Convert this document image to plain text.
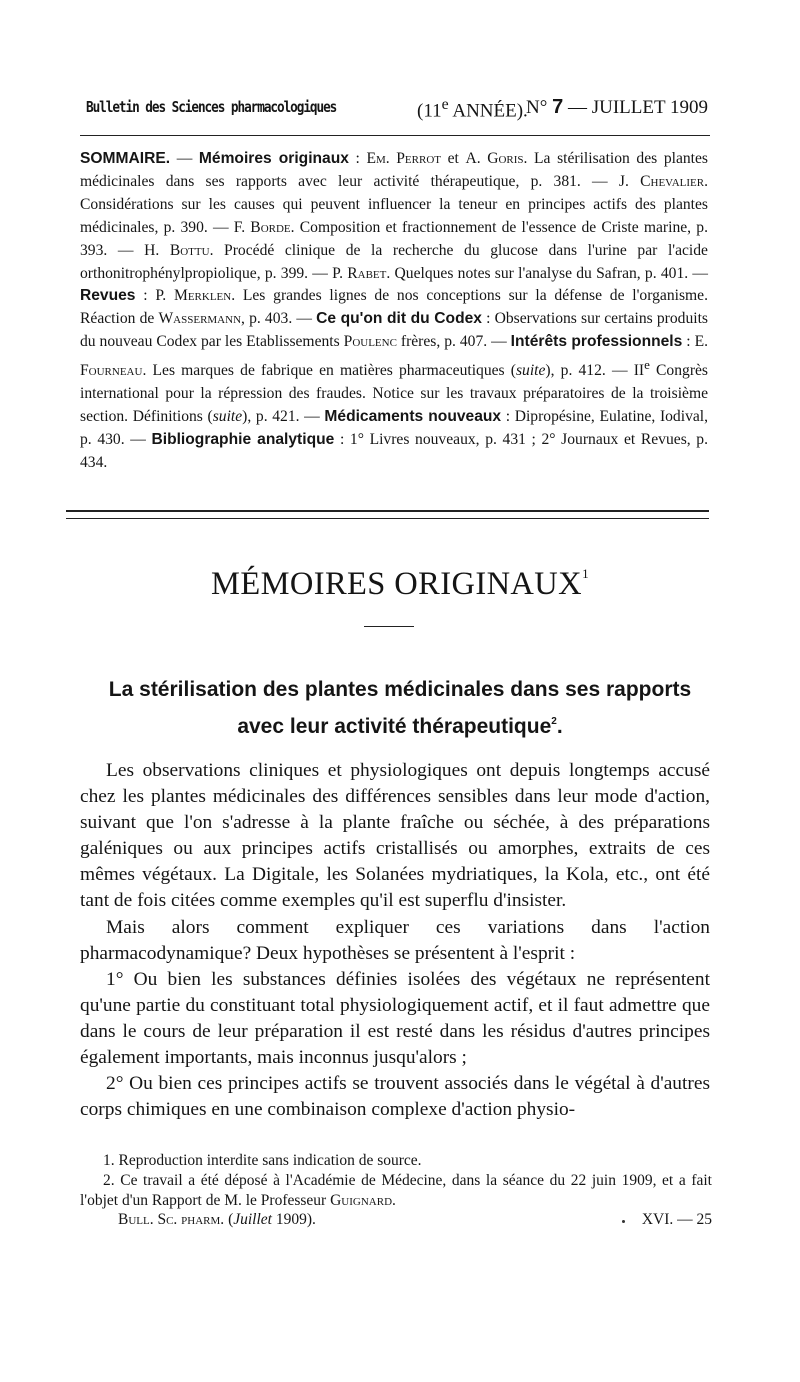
Bulletin des Sciences pharmacologiques	(11e ANNÉE).
N° 7 — JUILLET 1909

SOMMAIRE. — Mémoires originaux : Em. Perrot et A. Goris. La stérilisation des plantes médicinales dans ses rapports avec leur activité thérapeutique, p. 381. — J. Chevalier. Considérations sur les causes qui peuvent influencer la teneur en principes actifs des plantes médicinales, p. 390. — F. Borde. Composition et fractionnement de l'essence de Criste marine, p. 393. — H. Bottu. Procédé clinique de la recherche du glucose dans l'urine par l'acide orthonitrophénylpropiolique, p. 399. — P. Rabet. Quelques notes sur l'analyse du Safran, p. 401. — Revues : P. Merklen. Les grandes lignes de nos conceptions sur la défense de l'organisme. Réaction de Wassermann, p. 403. — Ce qu'on dit du Codex : Observations sur certains produits du nouveau Codex par les Etablissements Poulenc frères, p. 407. — Intérêts professionnels : E. Fourneau. Les marques de fabrique en matières pharmaceutiques (suite), p. 412. — IIe Congrès international pour la répression des fraudes. Notice sur les travaux préparatoires de la troisième section. Définitions (suite), p. 421. — Médicaments nouveaux : Dipropésine, Eulatine, Iodival, p. 430. — Bibliographie analytique : 1° Livres nouveaux, p. 431 ; 2° Journaux et Revues, p. 434.

MÉMOIRES ORIGINAUX$^1$
La stérilisation des plantes médicinales dans ses rapports
avec leur activité thérapeutique$^2$.

Les observations cliniques et physiologiques ont depuis longtemps accusé chez les plantes médicinales des différences sensibles dans leur mode d'action, suivant que l'on s'adresse à la plante fraîche ou séchée, à des préparations galéniques ou aux principes actifs cristallisés ou amorphes, extraits de ces mêmes végétaux. La Digitale, les Solanées mydriatiques, la Kola, etc., ont été tant de fois citées comme exemples qu'il est superflu d'insister.

Mais alors comment expliquer ces variations dans l'action pharmacodynamique? Deux hypothèses se présentent à l'esprit :

1° Ou bien les substances définies isolées des végétaux ne représentent qu'une partie du constituant total physiologiquement actif, et il faut admettre que dans le cours de leur préparation il est resté dans les résidus d'autres principes également importants, mais inconnus jusqu'alors ;

2° Ou bien ces principes actifs se trouvent associés dans le végétal à d'autres corps chimiques en une combinaison complexe d'action physio-

1. Reproduction interdite sans indication de source.

2. Ce travail a été déposé à l'Académie de Médecine, dans la séance du 22 juin 1909, et a fait l'objet d'un Rapport de M. le Professeur Guignard.

Bull. Sc. pharm. (Juillet 1909).	XVI. — 25
